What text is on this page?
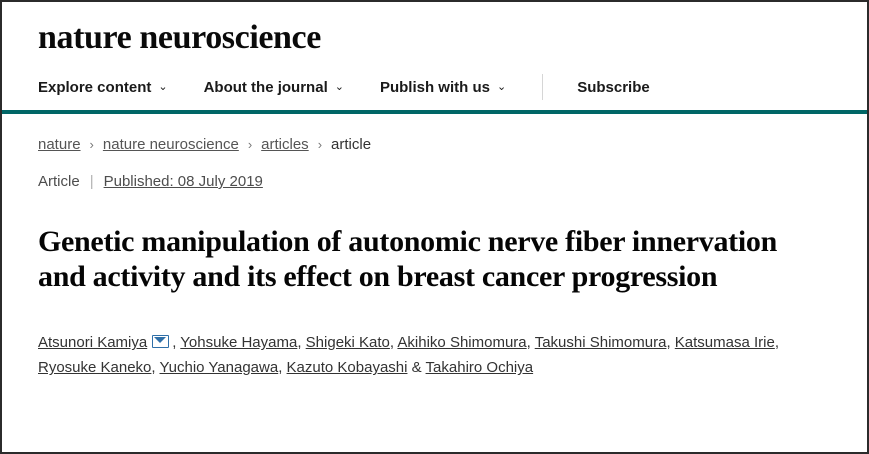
nature neuroscience
Explore content ⌄ About the journal ⌄ Publish with us ⌄	Subscribe
nature › nature neuroscience › articles › article
Article | Published: 08 July 2019
Genetic manipulation of autonomic nerve fiber innervation and activity and its effect on breast cancer progression
Atsunori Kamiya , Yohsuke Hayama, Shigeki Kato, Akihiko Shimomura, Takushi Shimomura, Katsumasa Irie, Ryosuke Kaneko, Yuchio Yanagawa, Kazuto Kobayashi & Takahiro Ochiya
